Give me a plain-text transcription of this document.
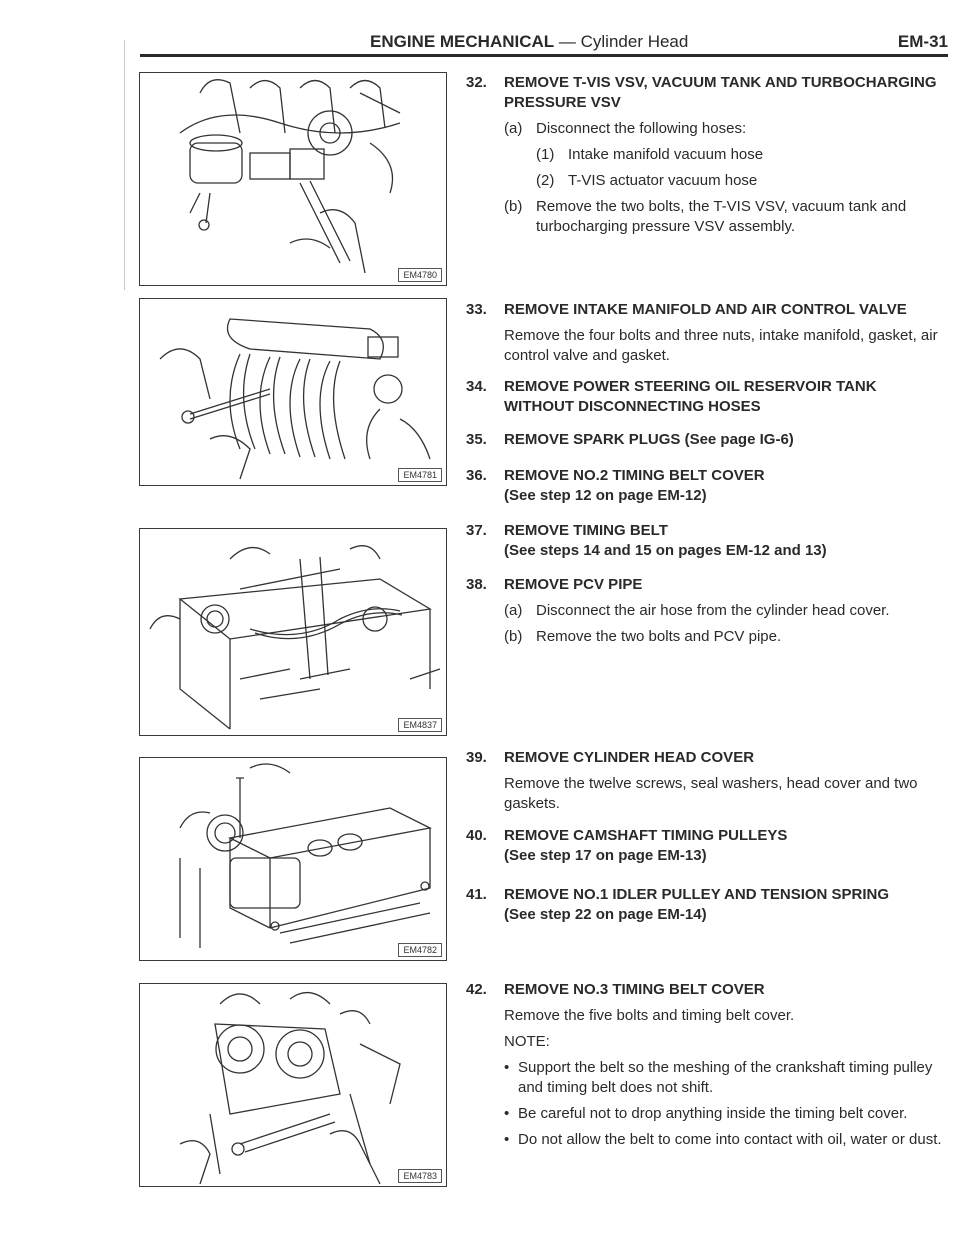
ENGINE MECHANICAL — Cylinder Head	EM-31
EM4780
EM4781
EM4837
EM4782
EM4783
32. REMOVE T-VIS VSV, VACUUM TANK AND TURBOCHARGING PRESSURE VSV
(a) Disconnect the following hoses:
(1) Intake manifold vacuum hose
(2) T-VIS actuator vacuum hose
(b) Remove the two bolts, the T-VIS VSV, vacuum tank and turbocharging pressure VSV assembly.
33. REMOVE INTAKE MANIFOLD AND AIR CONTROL VALVE
Remove the four bolts and three nuts, intake manifold, gasket, air control valve and gasket.
34. REMOVE POWER STEERING OIL RESERVOIR TANK WITHOUT DISCONNECTING HOSES
35. REMOVE SPARK PLUGS (See page IG-6)
36. REMOVE NO.2 TIMING BELT COVER
(See step 12 on page EM-12)
37. REMOVE TIMING BELT
(See steps 14 and 15 on pages EM-12 and 13)
38. REMOVE PCV PIPE
(a) Disconnect the air hose from the cylinder head cover.
(b) Remove the two bolts and PCV pipe.
39. REMOVE CYLINDER HEAD COVER
Remove the twelve screws, seal washers, head cover and two gaskets.
40. REMOVE CAMSHAFT TIMING PULLEYS
(See step 17 on page EM-13)
41. REMOVE NO.1 IDLER PULLEY AND TENSION SPRING
(See step 22 on page EM-14)
42. REMOVE NO.3 TIMING BELT COVER
Remove the five bolts and timing belt cover.
NOTE:
• Support the belt so the meshing of the crankshaft timing pulley and timing belt does not shift.
• Be careful not to drop anything inside the timing belt cover.
• Do not allow the belt to come into contact with oil, water or dust.
